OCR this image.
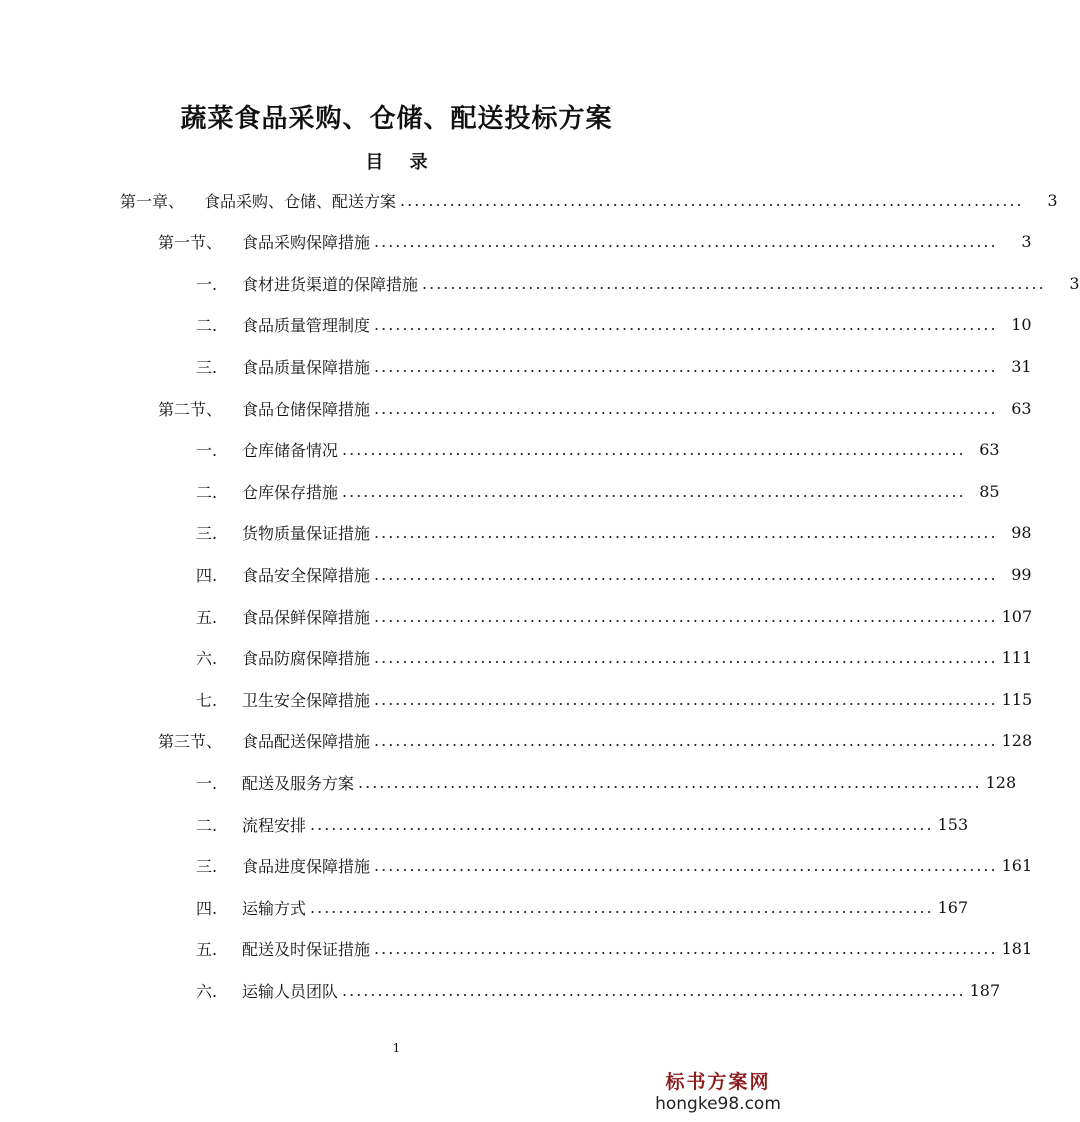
蔬菜食品采购、仓储、配送投标方案
目 录
第一章、	食品采购、仓储、配送方案 ........................................................................................	3
第一节、	食品采购保障措施 ........................................................................................	3
一.	食材进货渠道的保障措施 ........................................................................................	3
二.	食品质量管理制度 ........................................................................................ 10
三.	食品质量保障措施 ........................................................................................ 31
第二节、	食品仓储保障措施 ........................................................................................ 63
一.	仓库储备情况 ........................................................................................ 63
二.	仓库保存措施 ........................................................................................ 85
三.	货物质量保证措施 ........................................................................................ 98
四.	食品安全保障措施 ........................................................................................ 99
五.	食品保鲜保障措施 ........................................................................................ 107
六.	食品防腐保障措施 ........................................................................................ 111
七.	卫生安全保障措施 ........................................................................................ 115
第三节、	食品配送保障措施 ........................................................................................ 128
一.	配送及服务方案 ........................................................................................ 128
二.	流程安排 ........................................................................................ 153
三.	食品进度保障措施 ........................................................................................ 161
四.	运输方式 ........................................................................................ 167
五.	配送及时保证措施 ........................................................................................ 181
六.	运输人员团队 ........................................................................................ 187
1
标书方案网
hongke98.com
